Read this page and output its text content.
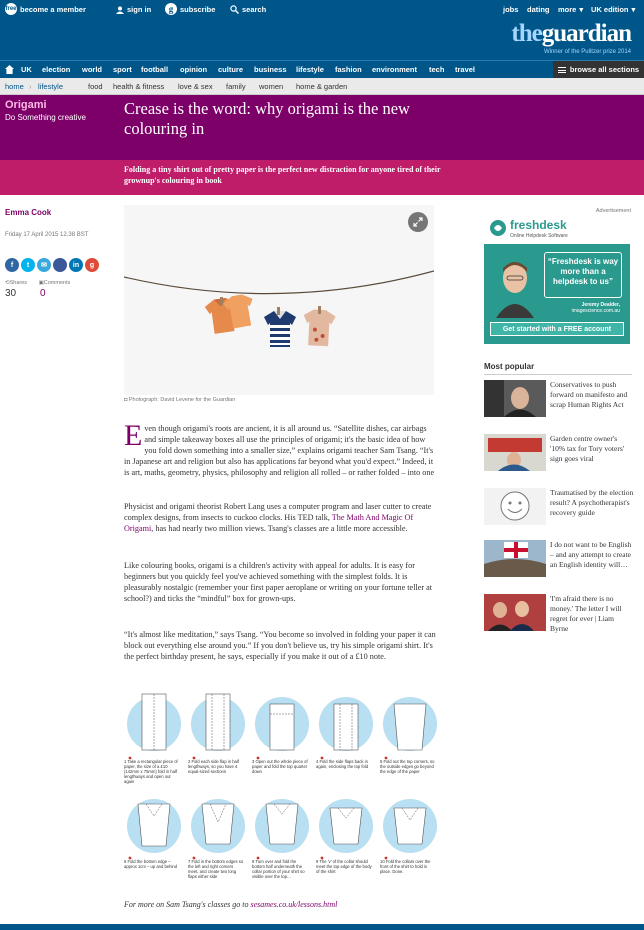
free become a member	sign in	g subscribe	search	jobs dating more ▾ UK edition ▾
theguardian
Winner of the Pulitzer prize 2014
UK election world sport football opinion culture business lifestyle fashion environment tech travel	browse all sections
home › lifestyle	food health & fitness love & sex family women home & garden
Origami
Do Something creative Crease is the word: why origami is the new colouring in
Folding a tiny shirt out of pretty paper is the perfect new distraction for anyone tired of their grownup's colouring in book
Emma Cook
Friday 17 April 2015 12.38 BST
f	t	✉	in	g
⟲Shares ▣Comments
30 0
◘ Photograph: David Levene for the Guardian
Even though origami's roots are ancient, it is all around us. “Satellite dishes, car airbags and simple takeaway boxes all use the principles of origami; it's the basic idea of how you fold down something into a smaller size,” explains origami teacher Sam Tsang. “It's in Japanese art and religion but also has applications far beyond what you'd expect.” Indeed, it is art, maths, geometry, physics, philosophy and religion all rolled – or rather folded – into one
Physicist and origami theorist Robert Lang uses a computer program and laser cutter to create complex designs, from insects to cuckoo clocks. His TED talk, The Math And Magic Of Origami, has had nearly two million views. Tsang's classes are a little more accessible.
Like colouring books, origami is a children's activity with appeal for adults. It is easy for beginners but you quickly feel you've achieved something with the simplest folds. It is pleasurably nostalgic (remember your first paper aeroplane or writing on your fortune teller at school?) and ticks the “mindful” box for grown-ups.
“It's almost like meditation,” says Tsang. “You become so involved in folding your paper it can block out everything else around you.” If you don't believe us, try his simple origami shirt. It's the perfect birthday present, he says, especially if you make it out of a £10 note.
1 Take a rectangular piece of paper, the size of a £10 (142mm x 75mm) fold in half lengthways and open out again
2 Fold each side flap in half lengthways, so you have 4 equal-sized sections
3 Open out the whole piece of paper and fold the top quarter down
4 Fold the side flaps back in again, enclosing the top fold
5 Fold out the top corners, so the outside edges go beyond the edge of the paper
6 Fold the bottom edge – approx 1cm – up and behind
7 Fold in the bottom edges so the left and right corners meet, and create two long flaps either side
8 Turn over and fold the bottom half underneath the collar portion of your shirt so visible over the top…
9 The 'v' of the collar should meet the top edge of the body of the shirt
10 Fold the collars over the front of the shirt to hold in place. Done.
For more on Sam Tsang's classes go to sesames.co.uk/lessons.html
Advertisement
freshdesk
Online Helpdesk Software
“Freshdesk is way more than a helpdesk to us”
Jeremy Dealder,
imagescience.com.au
Get started with a FREE account
Most popular
Conservatives to push forward on manifesto and scrap Human Rights Act
Garden centre owner's '10% tax for Tory voters' sign goes viral
Traumatised by the election result? A psychotherapist's recovery guide
I do not want to be English – and any attempt to create an English identity will…
'I'm afraid there is no money.' The letter I will regret for ever | Liam Byrne
